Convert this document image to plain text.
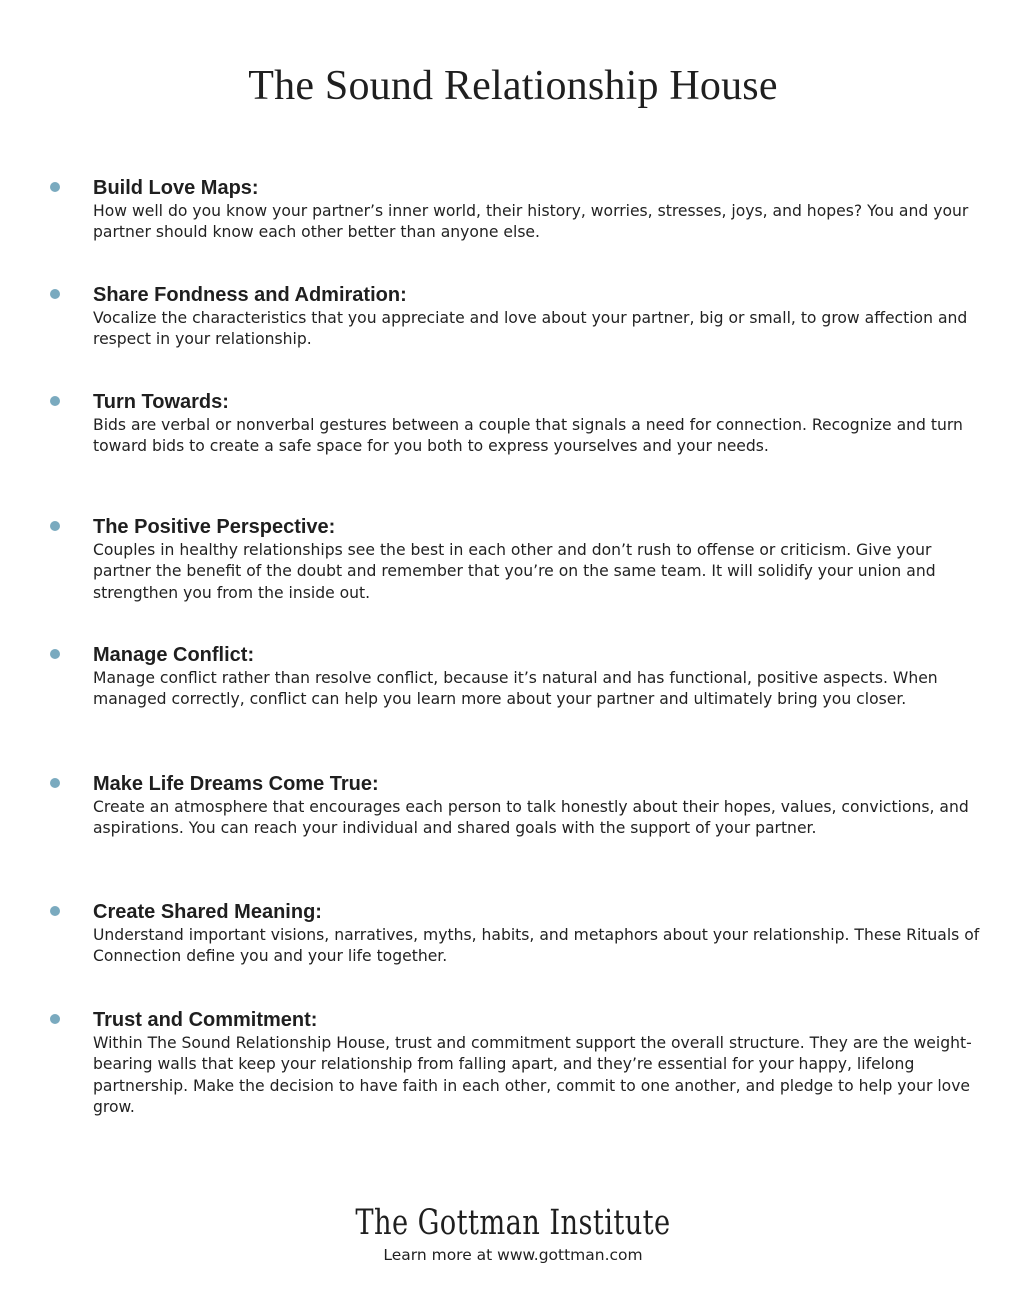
The Sound Relationship House
Build Love Maps:
How well do you know your partner’s inner world, their history, worries, stresses, joys, and hopes? You and your partner should know each other better than anyone else.
Share Fondness and Admiration:
Vocalize the characteristics that you appreciate and love about your partner, big or small, to grow affection and respect in your relationship.
Turn Towards:
Bids are verbal or nonverbal gestures between a couple that signals a need for connection. Recognize and turn toward bids to create a safe space for you both to express yourselves and your needs.
The Positive Perspective:
Couples in healthy relationships see the best in each other and don’t rush to offense or criticism. Give your partner the benefit of the doubt and remember that you’re on the same team. It will solidify your union and strengthen you from the inside out.
Manage Conflict:
Manage conflict rather than resolve conflict, because it’s natural and has functional, positive aspects. When managed correctly, conflict can help you learn more about your partner and ultimately bring you closer.
Make Life Dreams Come True:
Create an atmosphere that encourages each person to talk honestly about their hopes, values, convictions, and aspirations. You can reach your individual and shared goals with the support of your partner.
Create Shared Meaning:
Understand important visions, narratives, myths, habits, and metaphors about your relationship. These Rituals of Connection define you and your life together.
Trust and Commitment:
Within The Sound Relationship House, trust and commitment support the overall structure. They are the weight-bearing walls that keep your relationship from falling apart, and they’re essential for your happy, lifelong partnership. Make the decision to have faith in each other, commit to one another, and pledge to help your love grow.
The Gottman Institute
Learn more at www.gottman.com
